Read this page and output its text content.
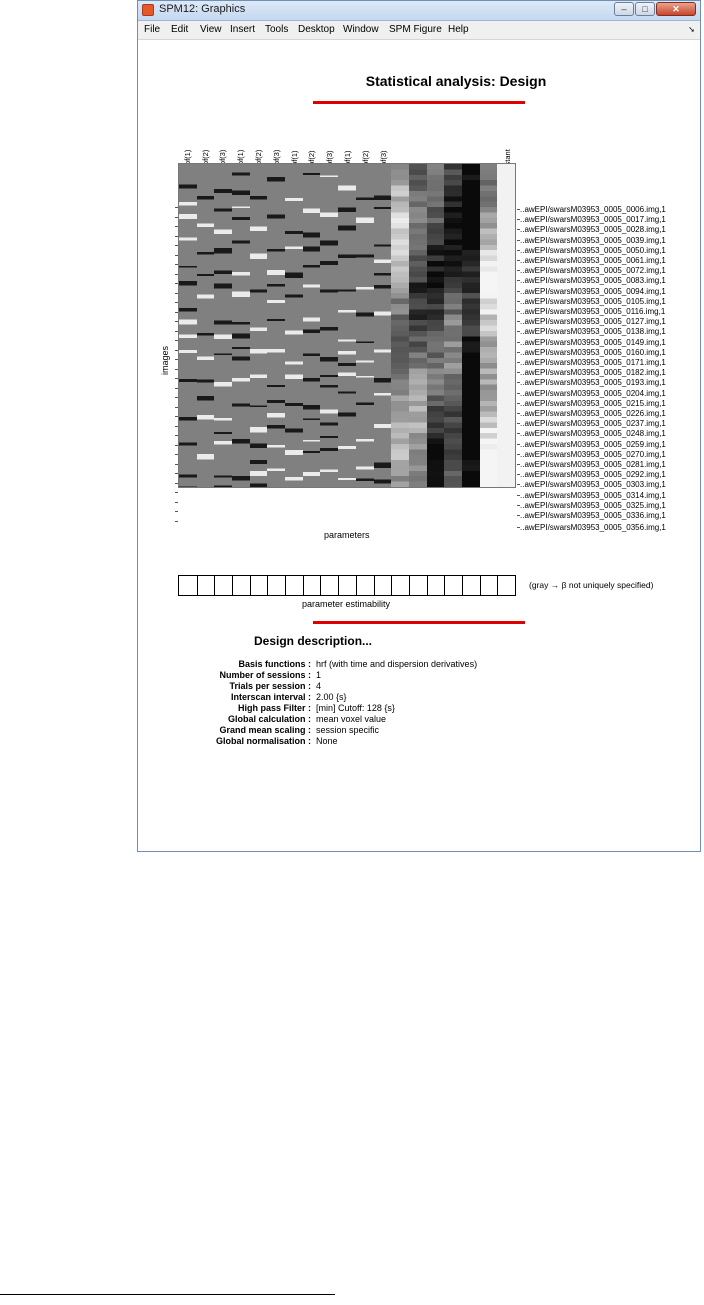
SPM12: Graphics	–	□	✕
File Edit View Insert Tools Desktop Window SPM Figure Help	➘
Statistical analysis: Design
..awEPI/swarsM03953_0005_0006.img,1
..awEPI/swarsM03953_0005_0017.img,1
..awEPI/swarsM03953_0005_0028.img,1
..awEPI/swarsM03953_0005_0039.img,1
..awEPI/swarsM03953_0005_0050.img,1
..awEPI/swarsM03953_0005_0061.img,1
..awEPI/swarsM03953_0005_0072.img,1
..awEPI/swarsM03953_0005_0083.img,1
..awEPI/swarsM03953_0005_0094.img,1
..awEPI/swarsM03953_0005_0105.img,1
..awEPI/swarsM03953_0005_0116.img,1
..awEPI/swarsM03953_0005_0127.img,1
..awEPI/swarsM03953_0005_0138.img,1
..awEPI/swarsM03953_0005_0149.img,1
..awEPI/swarsM03953_0005_0160.img,1
..awEPI/swarsM03953_0005_0171.img,1
..awEPI/swarsM03953_0005_0182.img,1
..awEPI/swarsM03953_0005_0193.img,1
..awEPI/swarsM03953_0005_0204.img,1
..awEPI/swarsM03953_0005_0215.img,1
..awEPI/swarsM03953_0005_0226.img,1
..awEPI/swarsM03953_0005_0237.img,1
..awEPI/swarsM03953_0005_0248.img,1
..awEPI/swarsM03953_0005_0259.img,1
..awEPI/swarsM03953_0005_0270.img,1
..awEPI/swarsM03953_0005_0281.img,1
..awEPI/swarsM03953_0005_0292.img,1
..awEPI/swarsM03953_0005_0303.img,1
..awEPI/swarsM03953_0005_0314.img,1
..awEPI/swarsM03953_0005_0325.img,1
..awEPI/swarsM03953_0005_0336.img,1
..awEPI/swarsM03953_0005_0356.img,1
images
parameters
parameter estimability
(gray → β not uniquely specified)
Design description...
Basis functions : hrf (with time and dispersion derivatives)
Number of sessions : 1
Trials per session : 4
Interscan interval : 2.00 {s}
High pass Filter : [min] Cutoff: 128 {s}
Global calculation : mean voxel value
Grand mean scaling : session specific
Global normalisation : None
